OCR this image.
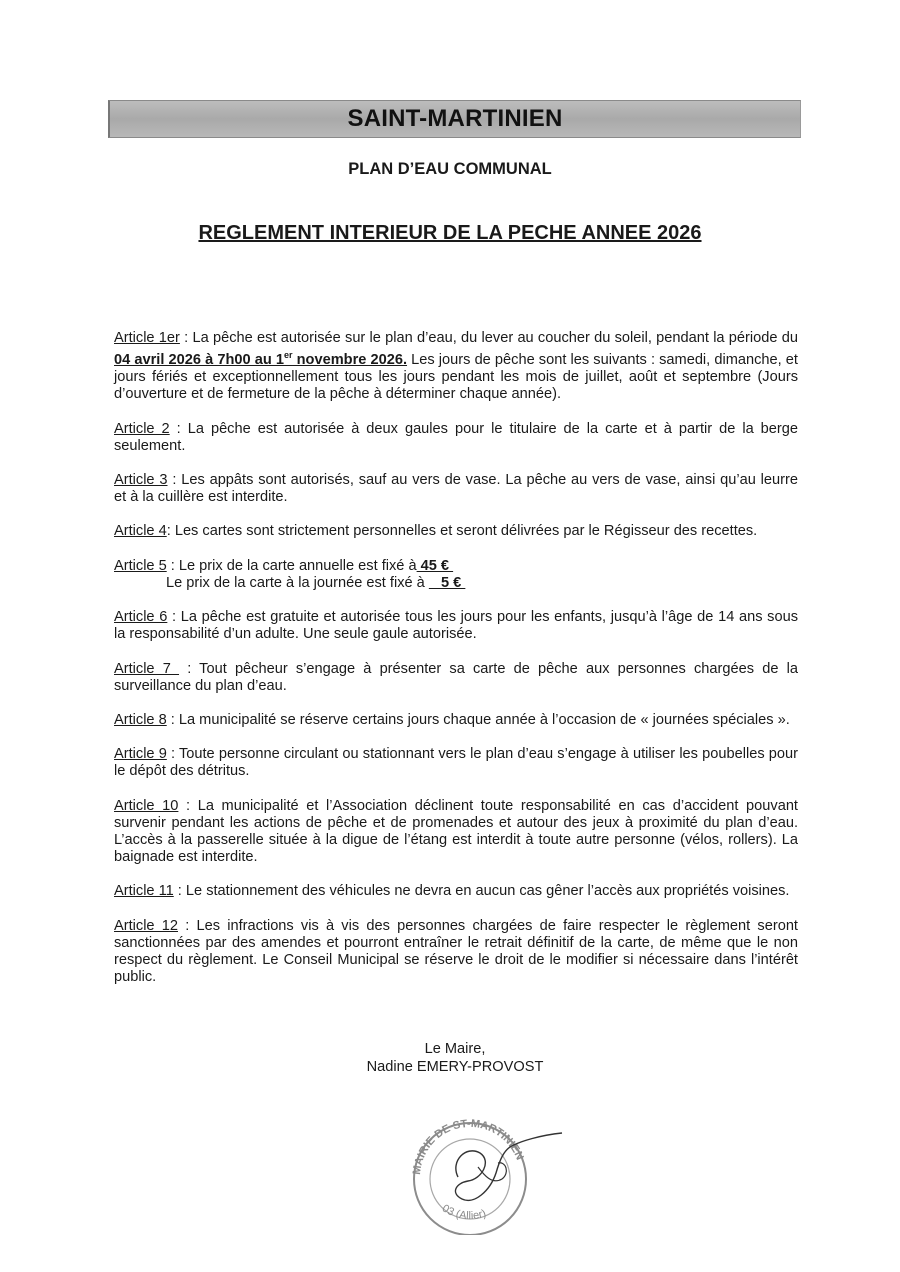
SAINT-MARTINIEN
PLAN D’EAU COMMUNAL
REGLEMENT INTERIEUR DE LA PECHE ANNEE 2026

Article 1er : La pêche est autorisée sur le plan d’eau, du lever au coucher du soleil, pendant la période du 04 avril 2026 à 7h00 au 1er novembre 2026. Les jours de pêche sont les suivants : samedi, dimanche, et jours fériés et exceptionnellement tous les jours pendant les mois de juillet, août et septembre (Jours d’ouverture et de fermeture de la pêche à déterminer chaque année).

Article 2 : La pêche est autorisée à deux gaules pour le titulaire de la carte et à partir de la berge seulement.

Article 3 : Les appâts sont autorisés, sauf au vers de vase. La pêche au vers de vase, ainsi qu’au leurre et à la cuillère est interdite.

Article 4: Les cartes sont strictement personnelles et seront délivrées par le Régisseur des recettes.

Article 5 : Le prix de la carte annuelle est fixé à 45 €
Le prix de la carte à la journée est fixé à    5 €

Article 6 : La pêche est gratuite et autorisée tous les jours pour les enfants, jusqu’à l’âge de 14 ans sous la responsabilité d’un adulte. Une seule gaule autorisée.

Article 7  : Tout pêcheur s’engage à présenter sa carte de pêche aux personnes chargées de la surveillance du plan d’eau.

Article 8 : La municipalité se réserve certains jours chaque année à l’occasion de « journées spéciales ».

Article 9 : Toute personne circulant ou stationnant vers le plan d’eau s’engage à utiliser les poubelles pour le dépôt des détritus.

Article 10 : La municipalité et l’Association déclinent toute responsabilité en cas d’accident pouvant survenir pendant les actions de pêche et de promenades et autour des jeux à proximité du plan d’eau. L’accès à la passerelle située à la digue de l’étang est interdit à toute autre personne (vélos, rollers). La baignade est interdite.

Article 11 : Le stationnement des véhicules ne devra en aucun cas gêner l’accès aux propriétés voisines.

Article 12 : Les infractions vis à vis des personnes chargées de faire respecter le règlement seront sanctionnées par des amendes et pourront entraîner le retrait définitif de la carte, de même que le non respect du règlement. Le Conseil Municipal se réserve le droit de le modifier si nécessaire dans l’intérêt public.

Le Maire,
Nadine EMERY-PROVOST
MAIRIE DE ST-MARTINIEN
03 (Allier)
